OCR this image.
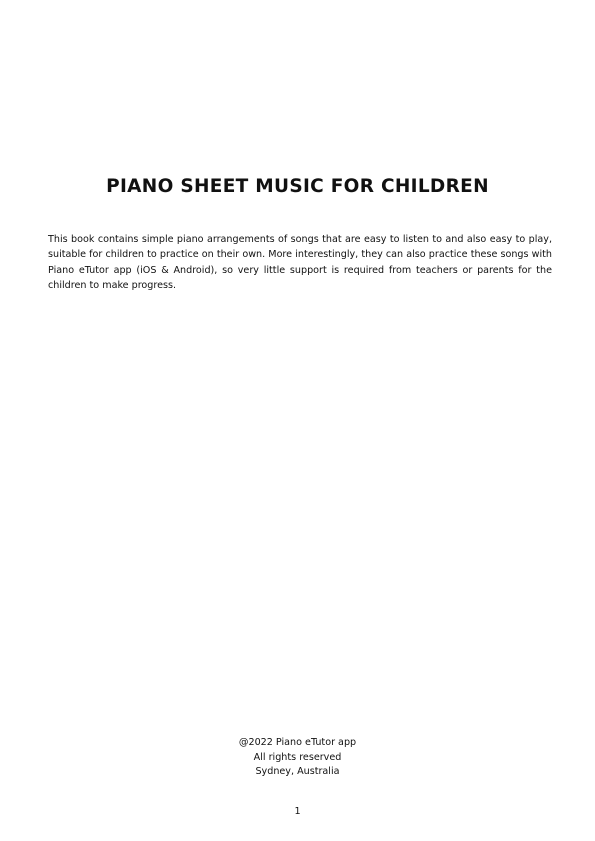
PIANO SHEET MUSIC FOR CHILDREN

This book contains simple piano arrangements of songs that are easy to listen to and also easy to play, suitable for children to practice on their own. More interestingly, they can also practice these songs with Piano eTutor app (iOS & Android), so very little support is required from teachers or parents for the children to make progress.

@2022 Piano eTutor app
All rights reserved
Sydney, Australia
1
